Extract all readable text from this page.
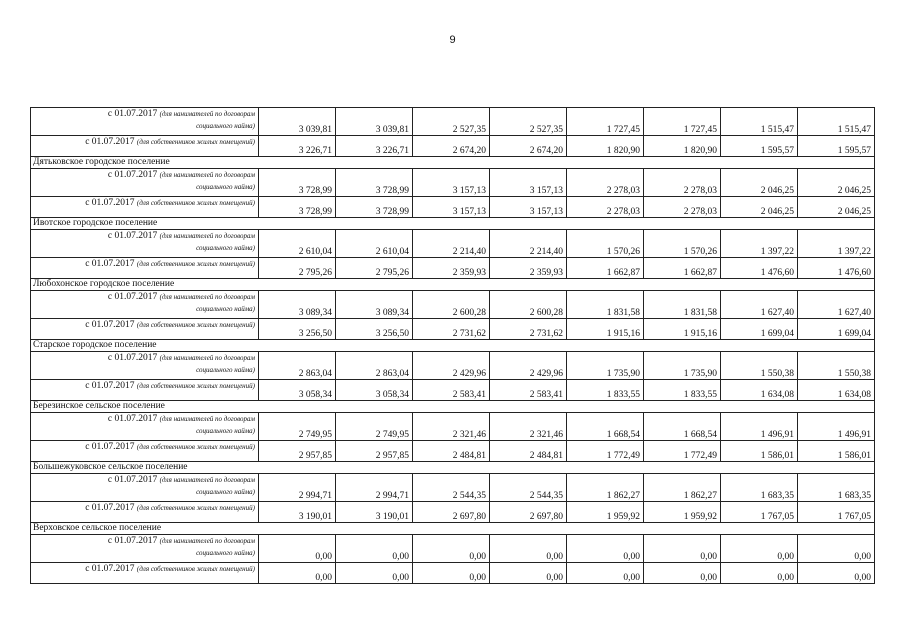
9
с 01.07.2017 (для нанимателей по договорам
социального найма)	3 039,81	3 039,81	2 527,35	2 527,35	1 727,45	1 727,45	1 515,47	1 515,47
с 01.07.2017 (для собственников жилых помещений)	3 226,71	3 226,71	2 674,20	2 674,20	1 820,90	1 820,90	1 595,57	1 595,57
Дятьковское городское поселение								
с 01.07.2017 (для нанимателей по договорам
социального найма)	3 728,99	3 728,99	3 157,13	3 157,13	2 278,03	2 278,03	2 046,25	2 046,25
с 01.07.2017 (для собственников жилых помещений)	3 728,99	3 728,99	3 157,13	3 157,13	2 278,03	2 278,03	2 046,25	2 046,25
Ивотское городское поселение								
с 01.07.2017 (для нанимателей по договорам
социального найма)	2 610,04	2 610,04	2 214,40	2 214,40	1 570,26	1 570,26	1 397,22	1 397,22
с 01.07.2017 (для собственников жилых помещений)	2 795,26	2 795,26	2 359,93	2 359,93	1 662,87	1 662,87	1 476,60	1 476,60
Любохонское городское поселение								
с 01.07.2017 (для нанимателей по договорам
социального найма)	3 089,34	3 089,34	2 600,28	2 600,28	1 831,58	1 831,58	1 627,40	1 627,40
с 01.07.2017 (для собственников жилых помещений)	3 256,50	3 256,50	2 731,62	2 731,62	1 915,16	1 915,16	1 699,04	1 699,04
Старское городское поселение								
с 01.07.2017 (для нанимателей по договорам
социального найма)	2 863,04	2 863,04	2 429,96	2 429,96	1 735,90	1 735,90	1 550,38	1 550,38
с 01.07.2017 (для собственников жилых помещений)	3 058,34	3 058,34	2 583,41	2 583,41	1 833,55	1 833,55	1 634,08	1 634,08
Березинское сельское поселение								
с 01.07.2017 (для нанимателей по договорам
социального найма)	2 749,95	2 749,95	2 321,46	2 321,46	1 668,54	1 668,54	1 496,91	1 496,91
с 01.07.2017 (для собственников жилых помещений)	2 957,85	2 957,85	2 484,81	2 484,81	1 772,49	1 772,49	1 586,01	1 586,01
Большежуковское сельское поселение								
с 01.07.2017 (для нанимателей по договорам
социального найма)	2 994,71	2 994,71	2 544,35	2 544,35	1 862,27	1 862,27	1 683,35	1 683,35
с 01.07.2017 (для собственников жилых помещений)	3 190,01	3 190,01	2 697,80	2 697,80	1 959,92	1 959,92	1 767,05	1 767,05
Верховское сельское поселение								
с 01.07.2017 (для нанимателей по договорам
социального найма)	0,00	0,00	0,00	0,00	0,00	0,00	0,00	0,00
с 01.07.2017 (для собственников жилых помещений)	0,00	0,00	0,00	0,00	0,00	0,00	0,00	0,00
